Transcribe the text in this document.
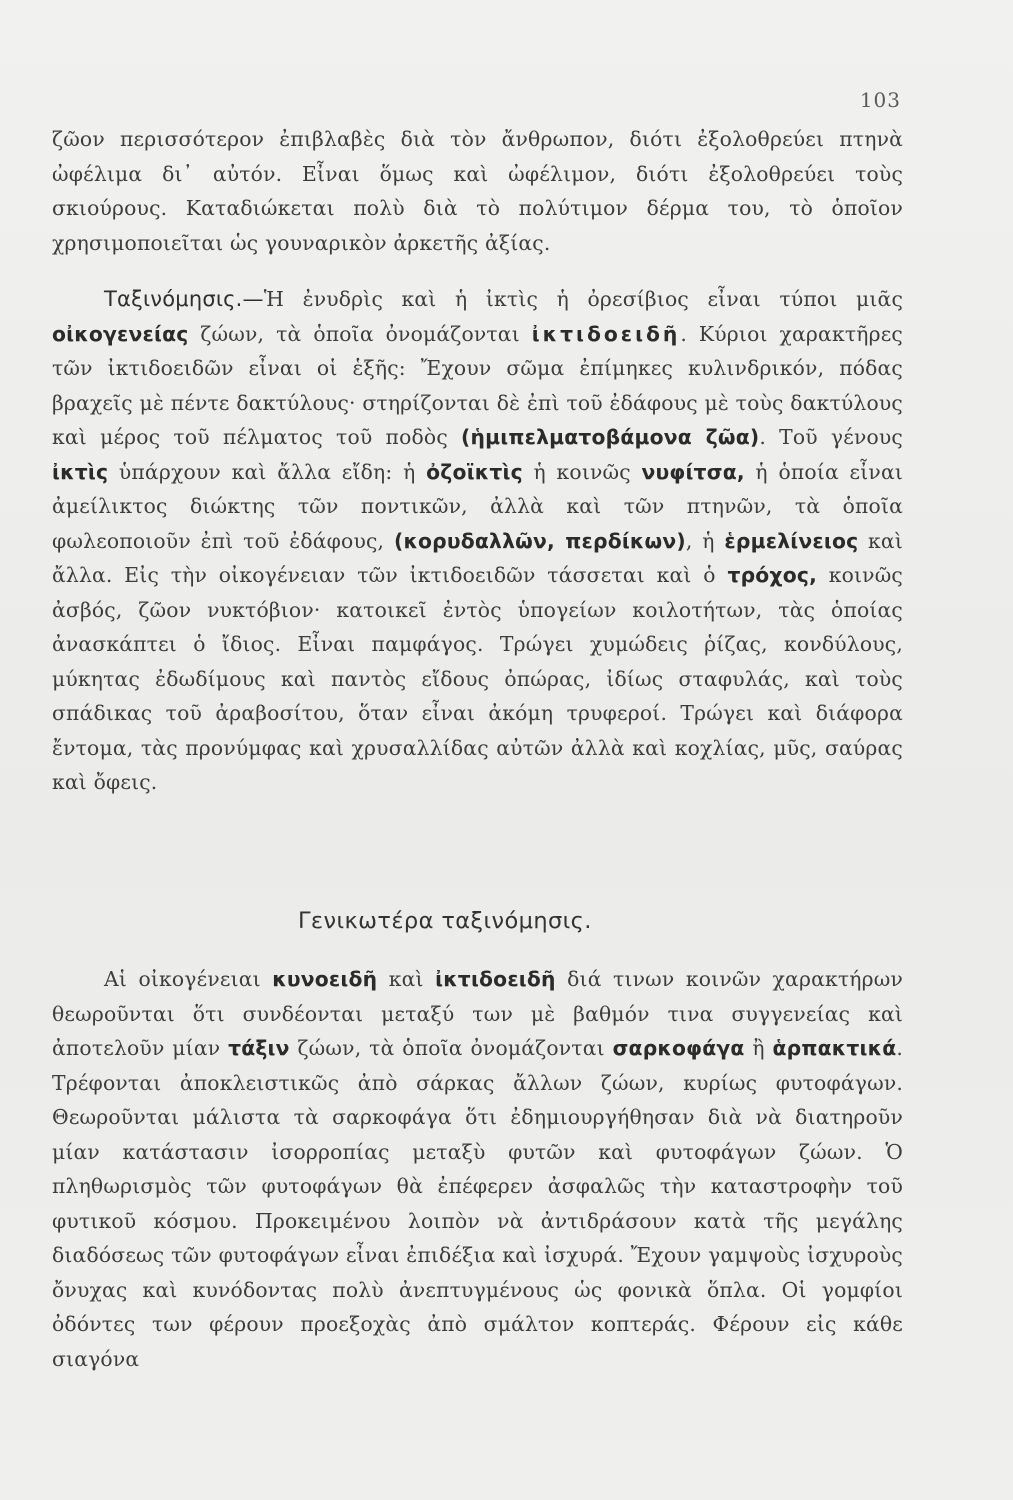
103

ζῶον περισσότερον ἐπιβλαβὲς διὰ τὸν ἄνθρωπον, διότι ἐξολοθρεύει πτηνὰ ὠφέλιμα δι᾽ αὐτόν. Εἶναι ὅμως καὶ ὠφέλιμον, διότι ἐξολοθρεύει τοὺς σκιούρους. Καταδιώκεται πολὺ διὰ τὸ πολύτιμον δέρμα του, τὸ ὁποῖον χρησιμοποιεῖται ὡς γουναρικὸν ἀρκετῆς ἀξίας.

Ταξινόμησις.—Ἡ ἐνυδρὶς καὶ ἡ ἰκτὶς ἡ ὀρεσίβιος εἶναι τύποι μιᾶς οἰκογενείας ζώων, τὰ ὁποῖα ὀνομάζονται ἰκτιδοειδῆ. Κύριοι χαρακτῆρες τῶν ἰκτιδοειδῶν εἶναι οἱ ἑξῆς: Ἔχουν σῶμα ἐπίμηκες κυλινδρικόν, πόδας βραχεῖς μὲ πέντε δακτύλους· στηρίζονται δὲ ἐπὶ τοῦ ἐδάφους μὲ τοὺς δακτύλους καὶ μέρος τοῦ πέλματος τοῦ ποδὸς (ἡμιπελματοβάμονα ζῶα). Τοῦ γένους ἰκτὶς ὑπάρχουν καὶ ἄλλα εἴδη: ἡ ὀζοϊκτὶς ἡ κοινῶς νυφίτσα, ἡ ὁποία εἶναι ἀμείλικτος διώκτης τῶν ποντικῶν, ἀλλὰ καὶ τῶν πτηνῶν, τὰ ὁποῖα φωλεοποιοῦν ἐπὶ τοῦ ἐδάφους, (κορυδαλλῶν, περδίκων), ἡ ἑρμελίνειος καὶ ἄλλα. Εἰς τὴν οἰκογένειαν τῶν ἰκτιδοειδῶν τάσσεται καὶ ὁ τρόχος, κοινῶς ἀσβός, ζῶον νυκτόβιον· κατοικεῖ ἐντὸς ὑπογείων κοιλοτήτων, τὰς ὁποίας ἀνασκάπτει ὁ ἴδιος. Εἶναι παμφάγος. Τρώγει χυμώδεις ῥίζας, κονδύλους, μύκητας ἐδωδίμους καὶ παντὸς εἴδους ὀπώρας, ἰδίως σταφυλάς, καὶ τοὺς σπάδικας τοῦ ἀραβοσίτου, ὅταν εἶναι ἀκόμη τρυφεροί. Τρώγει καὶ διάφορα ἔντομα, τὰς προνύμφας καὶ χρυσαλλίδας αὐτῶν ἀλλὰ καὶ κοχλίας, μῦς, σαύρας καὶ ὄφεις.

Γενικωτέρα ταξινόμησις.

Αἱ οἰκογένειαι κυνοειδῆ καὶ ἰκτιδοειδῆ διά τινων κοινῶν χαρακτήρων θεωροῦνται ὅτι συνδέονται μεταξύ των μὲ βαθμόν τινα συγγενείας καὶ ἀποτελοῦν μίαν τάξιν ζώων, τὰ ὁποῖα ὀνομάζονται σαρκοφάγα ἢ ἁρπακτικά. Τρέφονται ἀποκλειστικῶς ἀπὸ σάρκας ἄλλων ζώων, κυρίως φυτοφάγων. Θεωροῦνται μάλιστα τὰ σαρκοφάγα ὅτι ἐδημιουργήθησαν διὰ νὰ διατηροῦν μίαν κατάστασιν ἰσορροπίας μεταξὺ φυτῶν καὶ φυτοφάγων ζώων. Ὁ πληθωρισμὸς τῶν φυτοφάγων θὰ ἐπέφερεν ἀσφαλῶς τὴν καταστροφὴν τοῦ φυτικοῦ κόσμου. Προκειμένου λοιπὸν νὰ ἀντιδράσουν κατὰ τῆς μεγάλης διαδόσεως τῶν φυτοφάγων εἶναι ἐπιδέξια καὶ ἰσχυρά. Ἔχουν γαμψοὺς ἰσχυροὺς ὄνυχας καὶ κυνόδοντας πολὺ ἀνεπτυγμένους ὡς φονικὰ ὅπλα. Οἱ γομφίοι ὀδόντες των φέρουν προεξοχὰς ἀπὸ σμάλτον κοπτεράς. Φέρουν εἰς κάθε σιαγόνα
